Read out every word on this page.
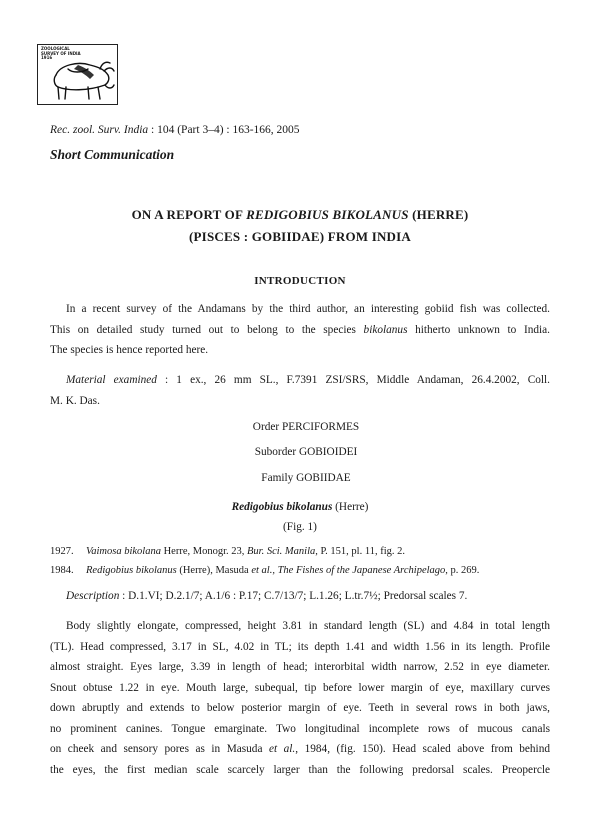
ZOOLOGICAL SURVEY OF INDIA 1916
Rec. zool. Surv. India : 104 (Part 3–4) : 163-166, 2005
Short Communication
ON A REPORT OF REDIGOBIUS BIKOLANUS (HERRE)
(PISCES : GOBIIDAE) FROM INDIA
INTRODUCTION
In a recent survey of the Andamans by the third author, an interesting gobiid fish was collected.
This on detailed study turned out to belong to the species bikolanus hitherto unknown to India.
The species is hence reported here.
Material examined : 1 ex., 26 mm SL., F.7391 ZSI/SRS, Middle Andaman, 26.4.2002, Coll.
M. K. Das.
Order PERCIFORMES
Suborder GOBIOIDEI
Family GOBIIDAE
Redigobius bikolanus (Herre)
(Fig. 1)
1927. Vaimosa bikolana Herre, Monogr. 23, Bur. Sci. Manila, P. 151, pl. 11, fig. 2.
1984. Redigobius bikolanus (Herre), Masuda et al., The Fishes of the Japanese Archipelago, p. 269.
Description : D.1.VI; D.2.1/7; A.1/6 : P.17; C.7/13/7; L.1.26; L.tr.7½; Predorsal scales 7.
Body slightly elongate, compressed, height 3.81 in standard length (SL) and 4.84 in total length
(TL). Head compressed, 3.17 in SL, 4.02 in TL; its depth 1.41 and width 1.56 in its length. Profile
almost straight. Eyes large, 3.39 in length of head; interorbital width narrow, 2.52 in eye diameter.
Snout obtuse 1.22 in eye. Mouth large, subequal, tip before lower margin of eye, maxillary curves
down abruptly and extends to below posterior margin of eye. Teeth in several rows in both jaws,
no prominent canines. Tongue emarginate. Two longitudinal incomplete rows of mucous canals
on cheek and sensory pores as in Masuda et al., 1984, (fig. 150). Head scaled above from behind
the eyes, the first median scale scarcely larger than the following predorsal scales. Preopercle
